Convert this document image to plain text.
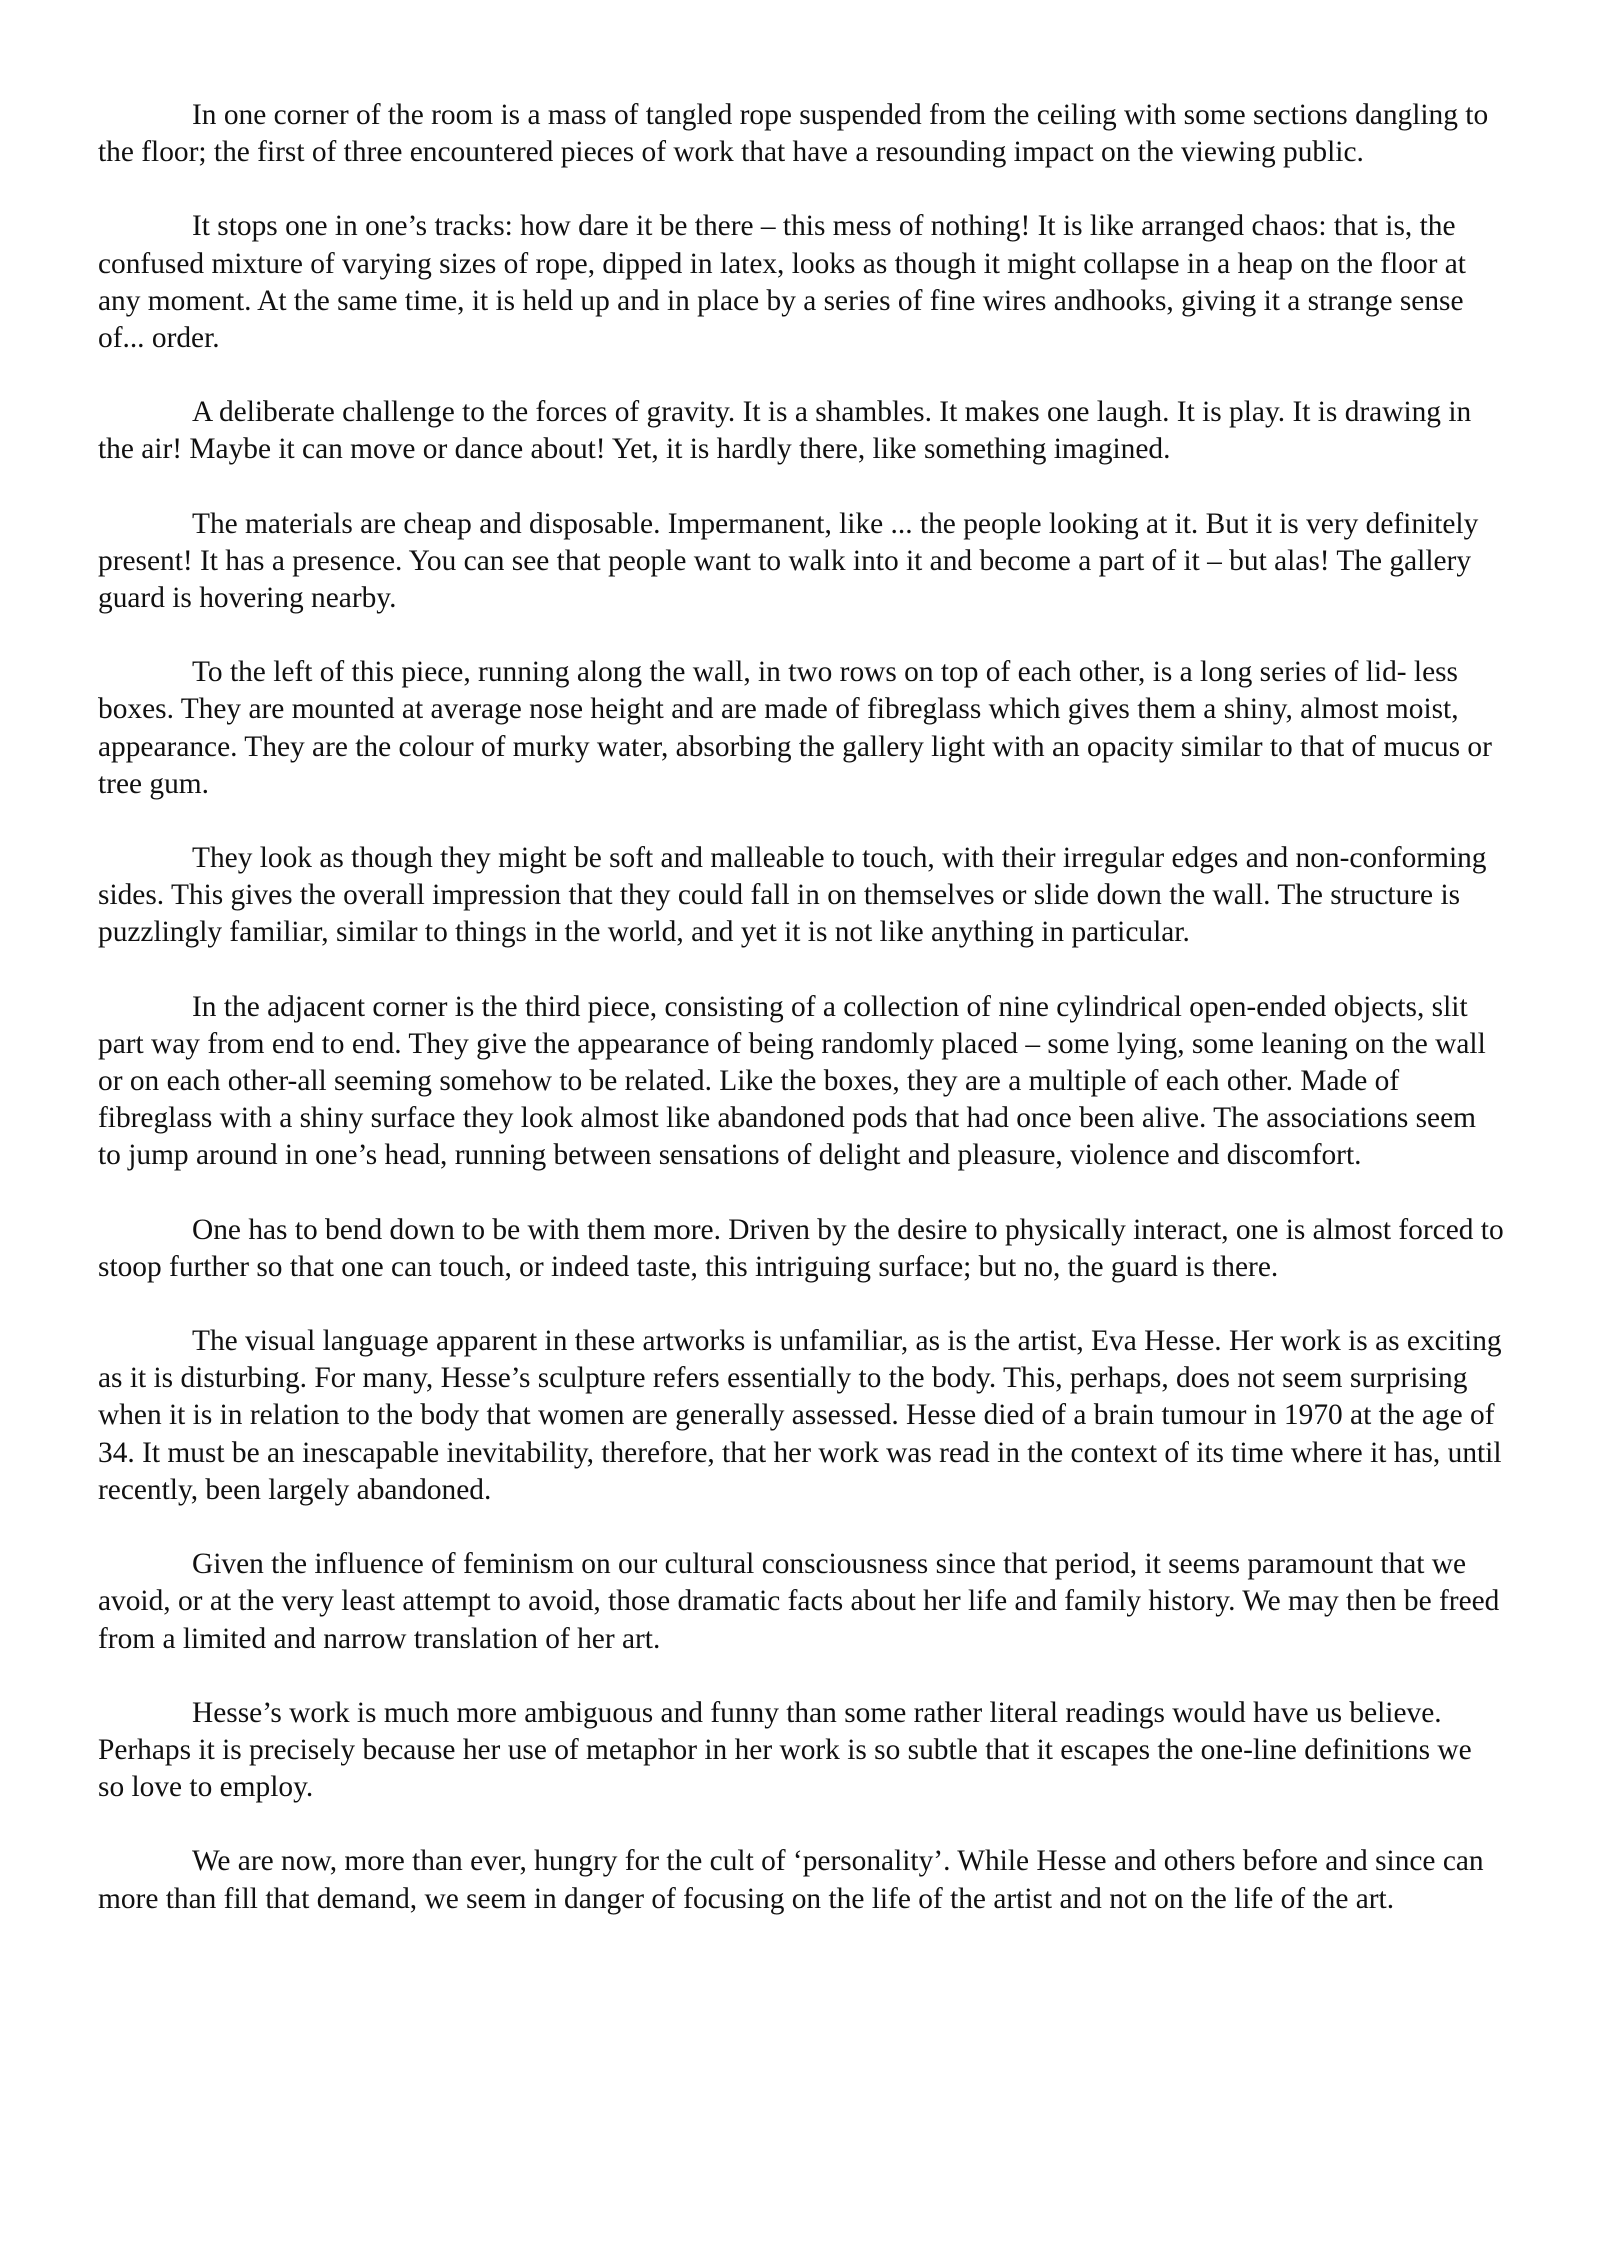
In one corner of the room is a mass of tangled rope suspended from the ceiling with some sections dangling to the floor; the first of three encountered pieces of work that have a resounding impact on the viewing public.

It stops one in one’s tracks: how dare it be there – this mess of nothing! It is like arranged chaos: that is, the confused mixture of varying sizes of rope, dipped in latex, looks as though it might collapse in a heap on the floor at any moment. At the same time, it is held up and in place by a series of fine wires andhooks, giving it a strange sense of... order.

A deliberate challenge to the forces of gravity. It is a shambles. It makes one laugh. It is play. It is drawing in the air! Maybe it can move or dance about! Yet, it is hardly there, like something imagined.

The materials are cheap and disposable. Impermanent, like ... the people looking at it. But it is very definitely present! It has a presence. You can see that people want to walk into it and become a part of it – but alas! The gallery guard is hovering nearby.

To the left of this piece, running along the wall, in two rows on top of each other, is a long series of lid- less boxes. They are mounted at average nose height and are made of fibreglass which gives them a shiny, almost moist, appearance. They are the colour of murky water, absorbing the gallery light with an opacity similar to that of mucus or tree gum.

They look as though they might be soft and malleable to touch, with their irregular edges and non-conforming sides. This gives the overall impression that they could fall in on themselves or slide down the wall. The structure is puzzlingly familiar, similar to things in the world, and yet it is not like anything in particular.

In the adjacent corner is the third piece, consisting of a collection of nine cylindrical open-ended objects, slit part way from end to end. They give the appearance of being randomly placed – some lying, some leaning on the wall or on each other-all seeming somehow to be related. Like the boxes, they are a multiple of each other. Made of fibreglass with a shiny surface they look almost like abandoned pods that had once been alive. The associations seem to jump around in one’s head, running between sensations of delight and pleasure, violence and discomfort.

One has to bend down to be with them more. Driven by the desire to physically interact, one is almost forced to stoop further so that one can touch, or indeed taste, this intriguing surface; but no, the guard is there.

The visual language apparent in these artworks is unfamiliar, as is the artist, Eva Hesse. Her work is as exciting as it is disturbing. For many, Hesse’s sculpture refers essentially to the body. This, perhaps, does not seem surprising when it is in relation to the body that women are generally assessed. Hesse died of a brain tumour in 1970 at the age of 34. It must be an inescapable inevitability, therefore, that her work was read in the context of its time where it has, until recently, been largely abandoned.

Given the influence of feminism on our cultural consciousness since that period, it seems paramount that we avoid, or at the very least attempt to avoid, those dramatic facts about her life and family history. We may then be freed from a limited and narrow translation of her art.

Hesse’s work is much more ambiguous and funny than some rather literal readings would have us believe. Perhaps it is precisely because her use of metaphor in her work is so subtle that it escapes the one-line definitions we so love to employ.

We are now, more than ever, hungry for the cult of ‘personality’. While Hesse and others before and since can more than fill that demand, we seem in danger of focusing on the life of the artist and not on the life of the art.
